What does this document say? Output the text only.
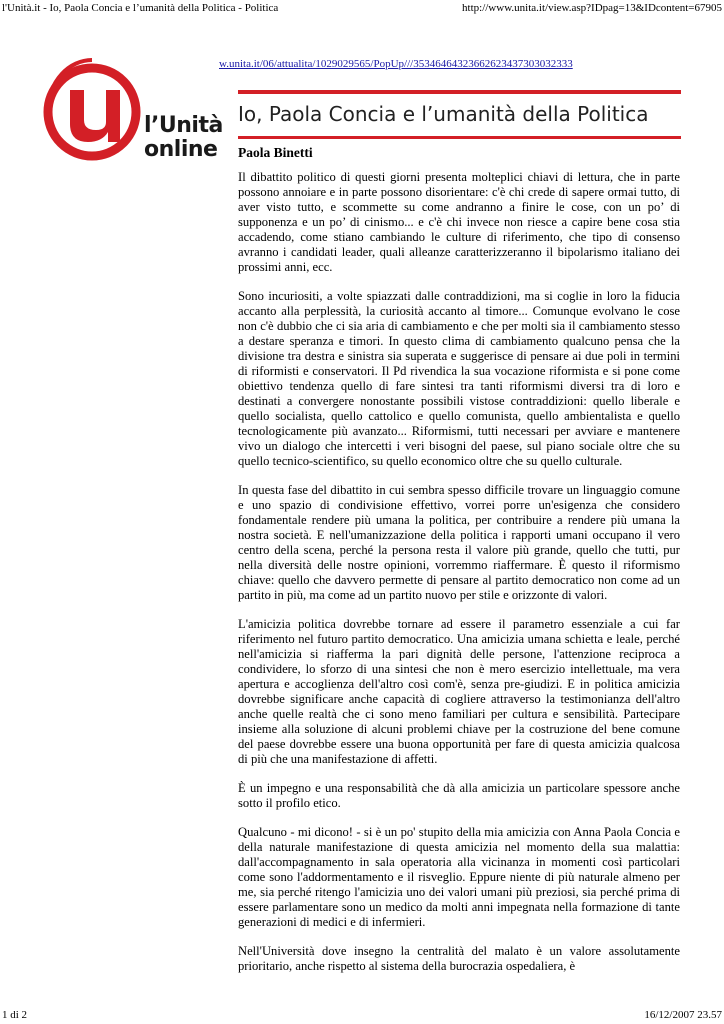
l'Unità.it - Io, Paola Concia e l’umanità della Politica - Politica	http://www.unita.it/view.asp?IDpag=13&IDcontent=67905
l’Unità
online
w.unita.it/06/attualita/1029029565/PopUp///35346464323662623437303032333
Io, Paola Concia e l’umanità della Politica
Paola Binetti

Il dibattito politico di questi giorni presenta molteplici chiavi di lettura, che in parte possono annoiare e in parte possono disorientare: c'è chi crede di sapere ormai tutto, di aver visto tutto, e scommette su come andranno a finire le cose, con un po’ di supponenza e un po’ di cinismo... e c'è chi invece non riesce a capire bene cosa stia accadendo, come stiano cambiando le culture di riferimento, che tipo di consenso avranno i candidati leader, quali alleanze caratterizzeranno il bipolarismo italiano dei prossimi anni, ecc.

Sono incuriositi, a volte spiazzati dalle contraddizioni, ma si coglie in loro la fiducia accanto alla perplessità, la curiosità accanto al timore... Comunque evolvano le cose non c'è dubbio che ci sia aria di cambiamento e che per molti sia il cambiamento stesso a destare speranza e timori. In questo clima di cambiamento qualcuno pensa che la divisione tra destra e sinistra sia superata e suggerisce di pensare ai due poli in termini di riformisti e conservatori. Il Pd rivendica la sua vocazione riformista e si pone come obiettivo tendenza quello di fare sintesi tra tanti riformismi diversi tra di loro e destinati a convergere nonostante possibili vistose contraddizioni: quello liberale e quello socialista, quello cattolico e quello comunista, quello ambientalista e quello tecnologicamente più avanzato... Riformismi, tutti necessari per avviare e mantenere vivo un dialogo che intercetti i veri bisogni del paese, sul piano sociale oltre che su quello tecnico-scientifico, su quello economico oltre che su quello culturale.

In questa fase del dibattito in cui sembra spesso difficile trovare un linguaggio comune e uno spazio di condivisione effettivo, vorrei porre un'esigenza che considero fondamentale rendere più umana la politica, per contribuire a rendere più umana la nostra società. E nell'umanizzazione della politica i rapporti umani occupano il vero centro della scena, perché la persona resta il valore più grande, quello che tutti, pur nella diversità delle nostre opinioni, vorremmo riaffermare. È questo il riformismo chiave: quello che davvero permette di pensare al partito democratico non come ad un partito in più, ma come ad un partito nuovo per stile e orizzonte di valori.

L'amicizia politica dovrebbe tornare ad essere il parametro essenziale a cui far riferimento nel futuro partito democratico. Una amicizia umana schietta e leale, perché nell'amicizia si riafferma la pari dignità delle persone, l'attenzione reciproca a condividere, lo sforzo di una sintesi che non è mero esercizio intellettuale, ma vera apertura e accoglienza dell'altro così com'è, senza pre-giudizi. E in politica amicizia dovrebbe significare anche capacità di cogliere attraverso la testimonianza dell'altro anche quelle realtà che ci sono meno familiari per cultura e sensibilità. Partecipare insieme alla soluzione di alcuni problemi chiave per la costruzione del bene comune del paese dovrebbe essere una buona opportunità per fare di questa amicizia qualcosa di più che una manifestazione di affetti.

È un impegno e una responsabilità che dà alla amicizia un particolare spessore anche sotto il profilo etico.

Qualcuno - mi dicono! - si è un po' stupito della mia amicizia con Anna Paola Concia e della naturale manifestazione di questa amicizia nel momento della sua malattia: dall'accompagnamento in sala operatoria alla vicinanza in momenti così particolari come sono l'addormentamento e il risveglio. Eppure niente di più naturale almeno per me, sia perché ritengo l'amicizia uno dei valori umani più preziosi, sia perché prima di essere parlamentare sono un medico da molti anni impegnata nella formazione di tante generazioni di medici e di infermieri.

Nell'Università dove insegno la centralità del malato è un valore assolutamente prioritario, anche rispetto al sistema della burocrazia ospedaliera, è

1 di 2	16/12/2007 23.57
